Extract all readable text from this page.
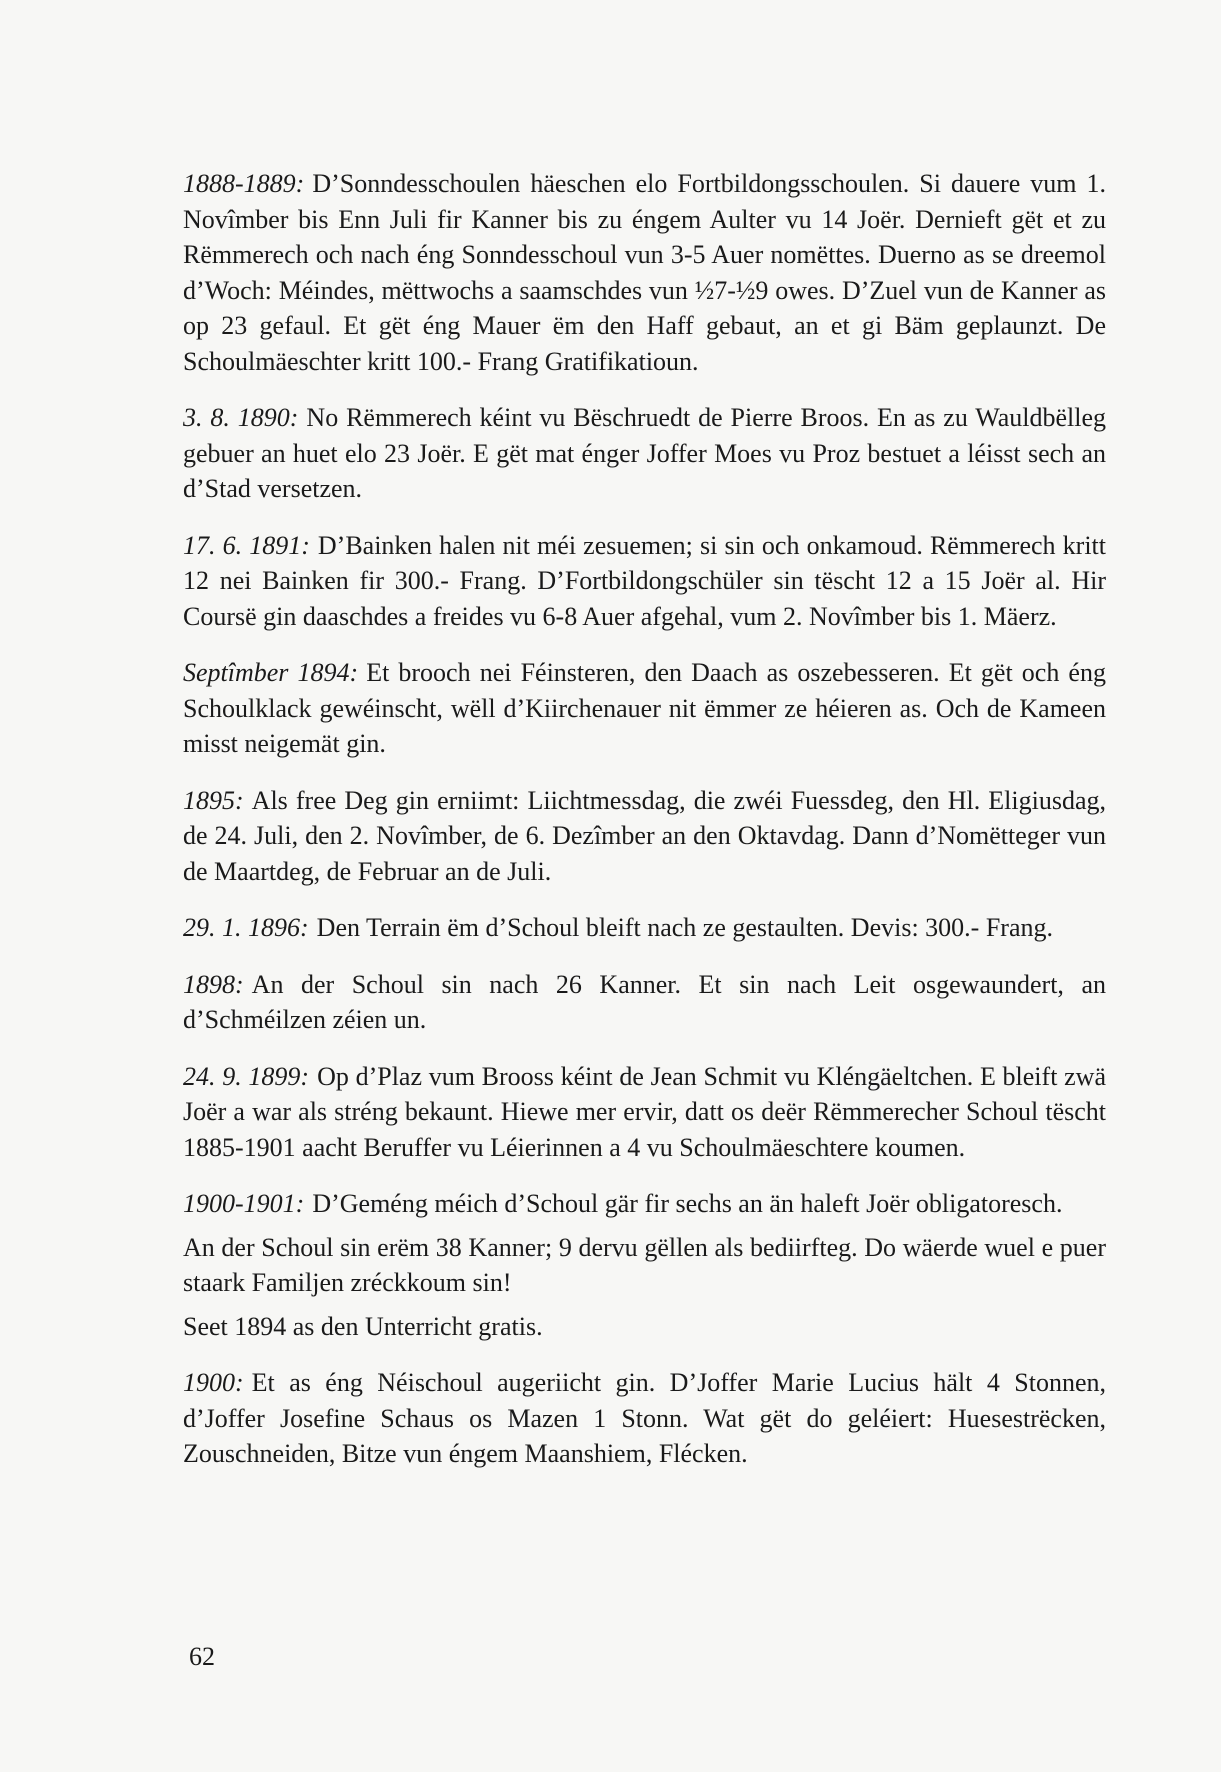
1888-1889: D’Sonndesschoulen häeschen elo Fortbildongsschoulen. Si dauere vum 1. Novîmber bis Enn Juli fir Kanner bis zu éngem Aulter vu 14 Joër. Dernieft gët et zu Rëmmerech och nach éng Sonndesschoul vun 3-5 Auer nomëttes. Duerno as se dreemol d’Woch: Méindes, mëttwochs a saamschdes vun ½7-½9 owes. D’Zuel vun de Kanner as op 23 gefaul. Et gët éng Mauer ëm den Haff gebaut, an et gi Bäm geplaunzt. De Schoulmäeschter kritt 100.- Frang Gratifikatioun.

3. 8. 1890: No Rëmmerech kéint vu Bëschruedt de Pierre Broos. En as zu Wauldbëlleg gebuer an huet elo 23 Joër. E gët mat énger Joffer Moes vu Proz bestuet a léisst sech an d’Stad versetzen.

17. 6. 1891: D’Bainken halen nit méi zesuemen; si sin och onkamoud. Rëmmerech kritt 12 nei Bainken fir 300.- Frang. D’Fortbildongschüler sin tëscht 12 a 15 Joër al. Hir Coursë gin daaschdes a freides vu 6-8 Auer afgehal, vum 2. Novîmber bis 1. Mäerz.

Septîmber 1894: Et brooch nei Féinsteren, den Daach as oszebesseren. Et gët och éng Schoulklack gewéinscht, wëll d’Kiirchenauer nit ëmmer ze héieren as. Och de Kameen misst neigemät gin.

1895: Als free Deg gin erniimt: Liichtmessdag, die zwéi Fuessdeg, den Hl. Eligiusdag, de 24. Juli, den 2. Novîmber, de 6. Dezîmber an den Oktavdag. Dann d’Nomëtteger vun de Maartdeg, de Februar an de Juli.

29. 1. 1896: Den Terrain ëm d’Schoul bleift nach ze gestaulten. Devis: 300.- Frang.

1898: An der Schoul sin nach 26 Kanner. Et sin nach Leit osgewaundert, an d’Schméilzen zéien un.

24. 9. 1899: Op d’Plaz vum Brooss kéint de Jean Schmit vu Kléngäeltchen. E bleift zwä Joër a war als stréng bekaunt. Hiewe mer ervir, datt os deër Rëmmerecher Schoul tëscht 1885-1901 aacht Beruffer vu Léierinnen a 4 vu Schoulmäeschtere koumen.

1900-1901: D’Geméng méich d’Schoul gär fir sechs an än haleft Joër obligatoresch.

An der Schoul sin erëm 38 Kanner; 9 dervu gëllen als bediirfteg. Do wäerde wuel e puer staark Familjen zréckkoum sin!

Seet 1894 as den Unterricht gratis.

1900: Et as éng Néischoul augeriicht gin. D’Joffer Marie Lucius hält 4 Stonnen, d’Joffer Josefine Schaus os Mazen 1 Stonn. Wat gët do geléiert: Huesestrëcken, Zouschneiden, Bitze vun éngem Maanshiem, Flécken.

62
